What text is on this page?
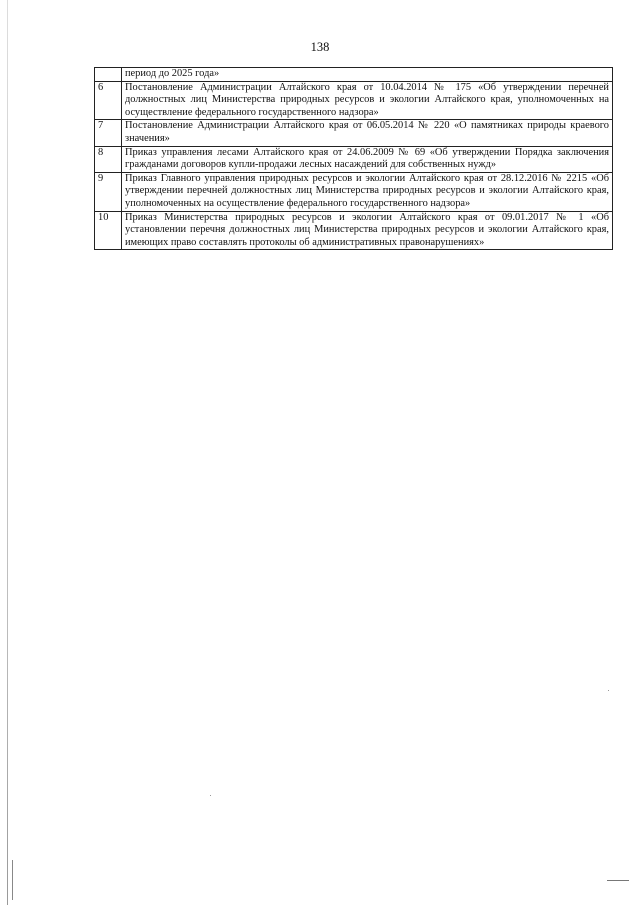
138
	период до 2025 года»
6	Постановление Администрации Алтайского края от 10.04.2014 № 175 «Об утверждении перечней должностных лиц Министерства природных ресурсов и экологии Алтайского края, уполномоченных на осуществление федерального государственного надзора»
7	Постановление Администрации Алтайского края от 06.05.2014 № 220 «О памятниках природы краевого значения»
8	Приказ управления лесами Алтайского края от 24.06.2009 № 69 «Об утверждении Порядка заключения гражданами договоров купли-продажи лесных насаждений для собственных нужд»
9	Приказ Главного управления природных ресурсов и экологии Алтайского края от 28.12.2016 № 2215 «Об утверждении перечней должностных лиц Министерства природных ресурсов и экологии Алтайского края, уполномоченных на осуществление федерального государственного надзора»
10	Приказ Министерства природных ресурсов и экологии Алтайского края от 09.01.2017 № 1 «Об установлении перечня должностных лиц Министерства природных ресурсов и экологии Алтайского края, имеющих право составлять протоколы об административных правонарушениях»
